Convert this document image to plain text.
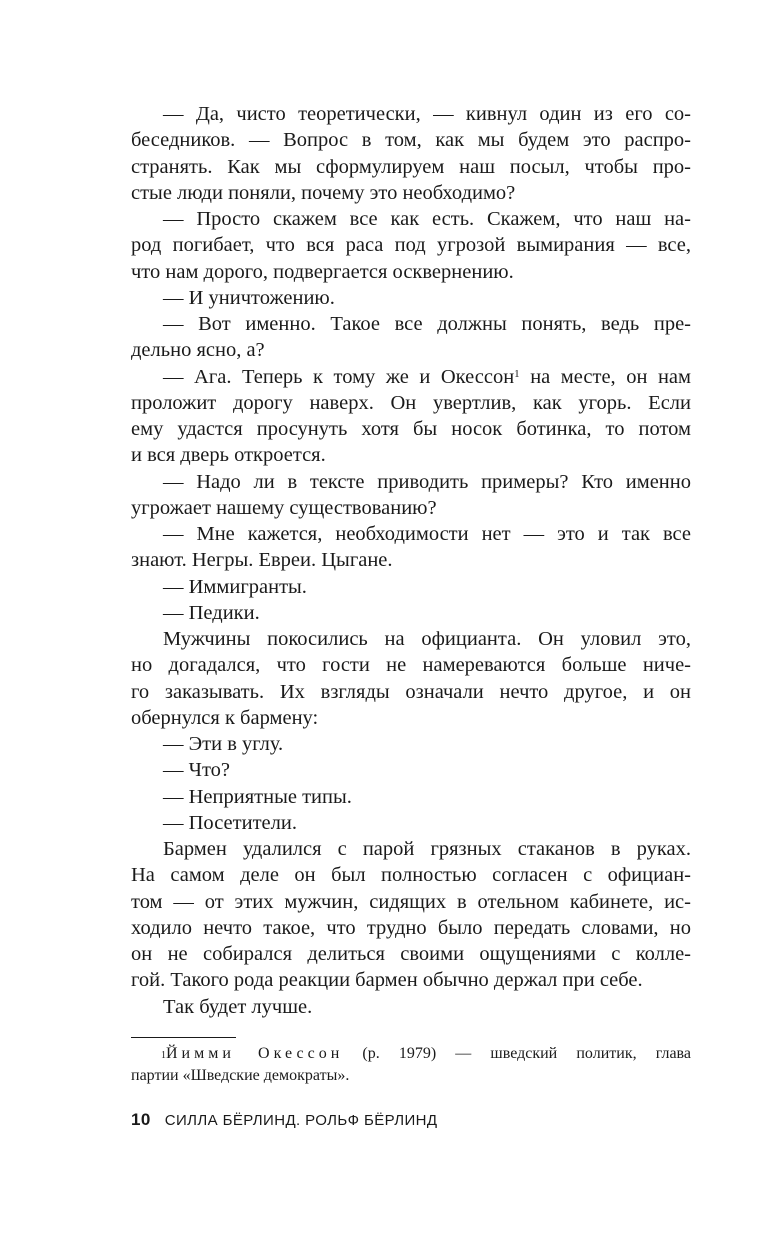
— Да, чисто теоретически, — кивнул один из его со-
беседников. — Вопрос в том, как мы будем это распро-
странять. Как мы сформулируем наш посыл, чтобы про-
стые люди поняли, почему это необходимо?
— Просто скажем все как есть. Скажем, что наш на-
род погибает, что вся раса под угрозой вымирания — все,
что нам дорого, подвергается осквернению.
— И уничтожению.
— Вот именно. Такое все должны понять, ведь пре-
дельно ясно, а?
— Ага. Теперь к тому же и Окессон$^1$ на месте, он нам
проложит дорогу наверх. Он увертлив, как угорь. Если
ему удастся просунуть хотя бы носок ботинка, то потом
и вся дверь откроется.
— Надо ли в тексте приводить примеры? Кто именно
угрожает нашему существованию?
— Мне кажется, необходимости нет — это и так все
знают. Негры. Евреи. Цыгане.
— Иммигранты.
— Педики.
Мужчины покосились на официанта. Он уловил это,
но догадался, что гости не намереваются больше ниче-
го заказывать. Их взгляды означали нечто другое, и он
обернулся к бармену:
— Эти в углу.
— Что?
— Неприятные типы.
— Посетители.
Бармен удалился с парой грязных стаканов в руках.
На самом деле он был полностью согласен с официан-
том — от этих мужчин, сидящих в отельном кабинете, ис-
ходило нечто такое, что трудно было передать словами, но
он не собирался делиться своими ощущениями с колле-
гой. Такого рода реакции бармен обычно держал при себе.
Так будет лучше.
$^1$Йимми Окессон (р. 1979) — шведский политик, глава
партии «Шведские демократы».
10 СИЛЛА БЁРЛИНД. РОЛЬФ БЁРЛИНД
